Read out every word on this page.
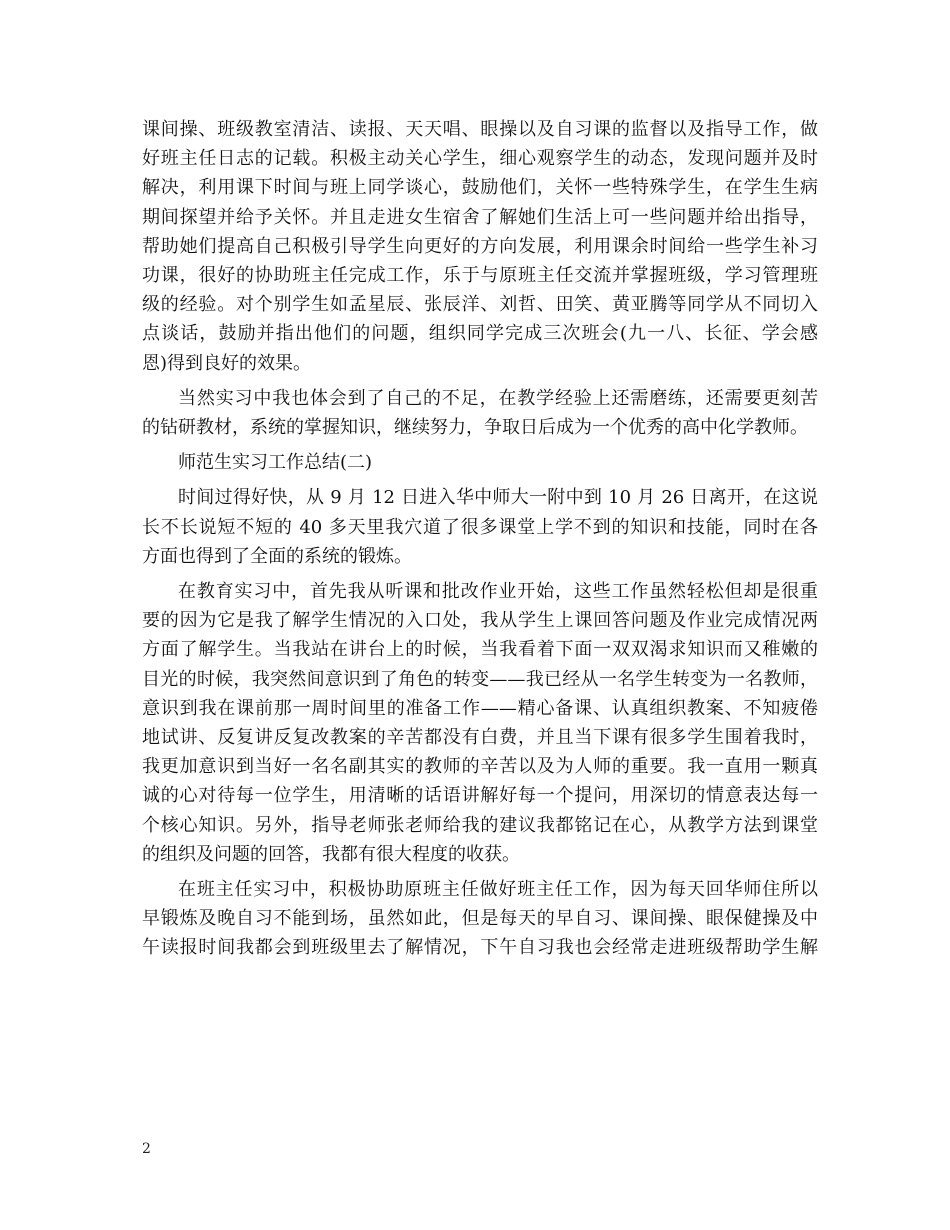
课间操、班级教室清洁、读报、天天唱、眼操以及自习课的监督以及指导工作，做
好班主任日志的记载。积极主动关心学生，细心观察学生的动态，发现问题并及时
解决，利用课下时间与班上同学谈心，鼓励他们，关怀一些特殊学生，在学生生病
期间探望并给予关怀。并且走进女生宿舍了解她们生活上可一些问题并给出指导，
帮助她们提高自己积极引导学生向更好的方向发展，利用课余时间给一些学生补习
功课，很好的协助班主任完成工作，乐于与原班主任交流并掌握班级，学习管理班
级的经验。对个别学生如孟星辰、张辰洋、刘哲、田笑、黄亚腾等同学从不同切入
点谈话，鼓励并指出他们的问题，组织同学完成三次班会(九一八、长征、学会感
恩)得到良好的效果。

当然实习中我也体会到了自己的不足，在教学经验上还需磨练，还需要更刻苦
的钻研教材，系统的掌握知识，继续努力，争取日后成为一个优秀的高中化学教师。

师范生实习工作总结(二)

时间过得好快，从 9 月 12 日进入华中师大一附中到 10 月 26 日离开，在这说
长不长说短不短的 40 多天里我穴道了很多课堂上学不到的知识和技能，同时在各
方面也得到了全面的系统的锻炼。

在教育实习中，首先我从听课和批改作业开始，这些工作虽然轻松但却是很重
要的因为它是我了解学生情况的入口处，我从学生上课回答问题及作业完成情况两
方面了解学生。当我站在讲台上的时候，当我看着下面一双双渴求知识而又稚嫩的
目光的时候，我突然间意识到了角色的转变——我已经从一名学生转变为一名教师，
意识到我在课前那一周时间里的准备工作——精心备课、认真组织教案、不知疲倦
地试讲、反复讲反复改教案的辛苦都没有白费，并且当下课有很多学生围着我时，
我更加意识到当好一名名副其实的教师的辛苦以及为人师的重要。我一直用一颗真
诚的心对待每一位学生，用清晰的话语讲解好每一个提问，用深切的情意表达每一
个核心知识。另外，指导老师张老师给我的建议我都铭记在心，从教学方法到课堂
的组织及问题的回答，我都有很大程度的收获。

在班主任实习中，积极协助原班主任做好班主任工作，因为每天回华师住所以
早锻炼及晚自习不能到场，虽然如此，但是每天的早自习、课间操、眼保健操及中
午读报时间我都会到班级里去了解情况，下午自习我也会经常走进班级帮助学生解

2
